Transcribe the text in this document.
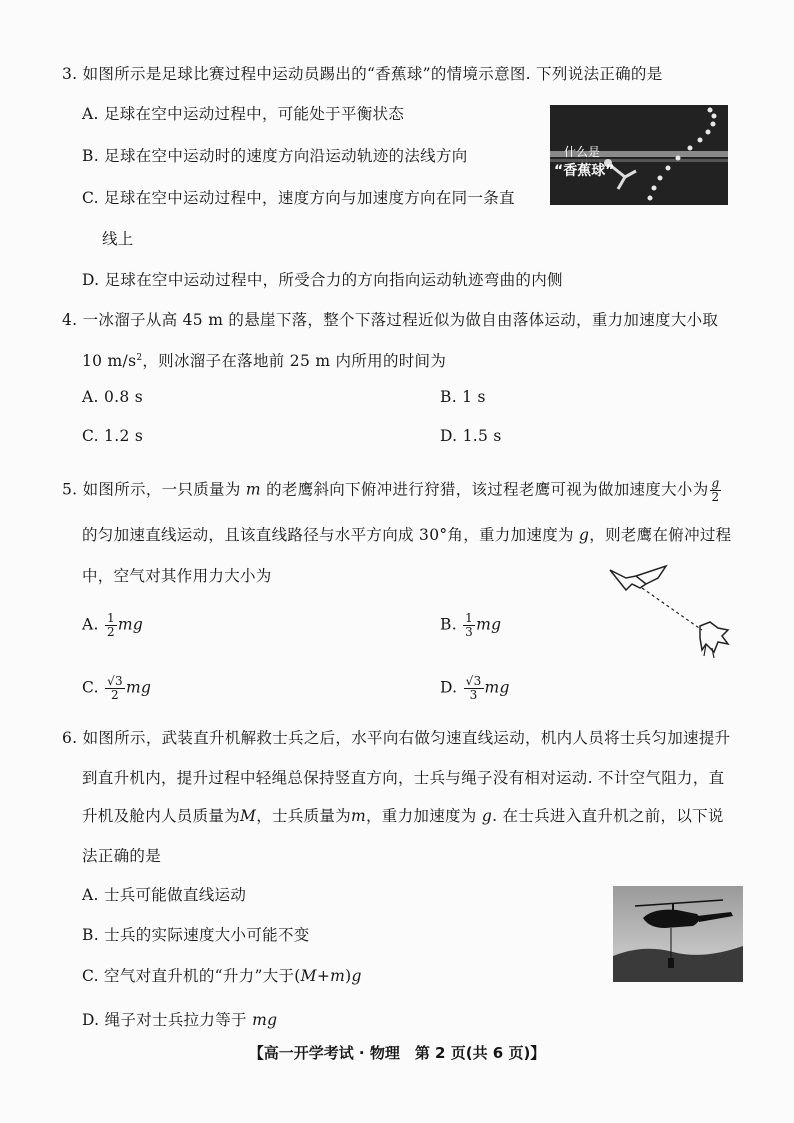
3. 如图所示是足球比赛过程中运动员踢出的“香蕉球”的情境示意图. 下列说法正确的是
A. 足球在空中运动过程中，可能处于平衡状态
B. 足球在空中运动时的速度方向沿运动轨迹的法线方向
C. 足球在空中运动过程中，速度方向与加速度方向在同一条直
线上
D. 足球在空中运动过程中，所受合力的方向指向运动轨迹弯曲的内侧
什么是
“香蕉球”
4. 一冰溜子从高 45 m 的悬崖下落，整个下落过程近似为做自由落体运动，重力加速度大小取
10 $m/s^2$，则冰溜子在落地前 25 m 内所用的时间为
A. 0.8 s	B. 1 s
C. 1.2 s	D. 1.5 s
5. 如图所示，一只质量为 m 的老鹰斜向下俯冲进行狩猎，该过程老鹰可视为做加速度大小为 $\frac{g}{2}$
的匀加速直线运动，且该直线路径与水平方向成 30°角，重力加速度为 g，则老鹰在俯冲过程
中，空气对其作用力大小为
A. $\frac{1}{2}$ mg	B. $\frac{1}{3}$ mg
C. $\frac{√3}{2}$ mg	D. $\frac{√3}{3}$ mg
6. 如图所示，武装直升机解救士兵之后，水平向右做匀速直线运动，机内人员将士兵匀加速提升
到直升机内，提升过程中轻绳总保持竖直方向，士兵与绳子没有相对运动. 不计空气阻力，直
升机及舱内人员质量为M，士兵质量为m，重力加速度为 g. 在士兵进入直升机之前，以下说
法正确的是
A. 士兵可能做直线运动
B. 士兵的实际速度大小可能不变
C. 空气对直升机的“升力”大于(M+m)g
D. 绳子对士兵拉力等于 mg
【高一开学考试 · 物理　第 2 页(共 6 页)】
